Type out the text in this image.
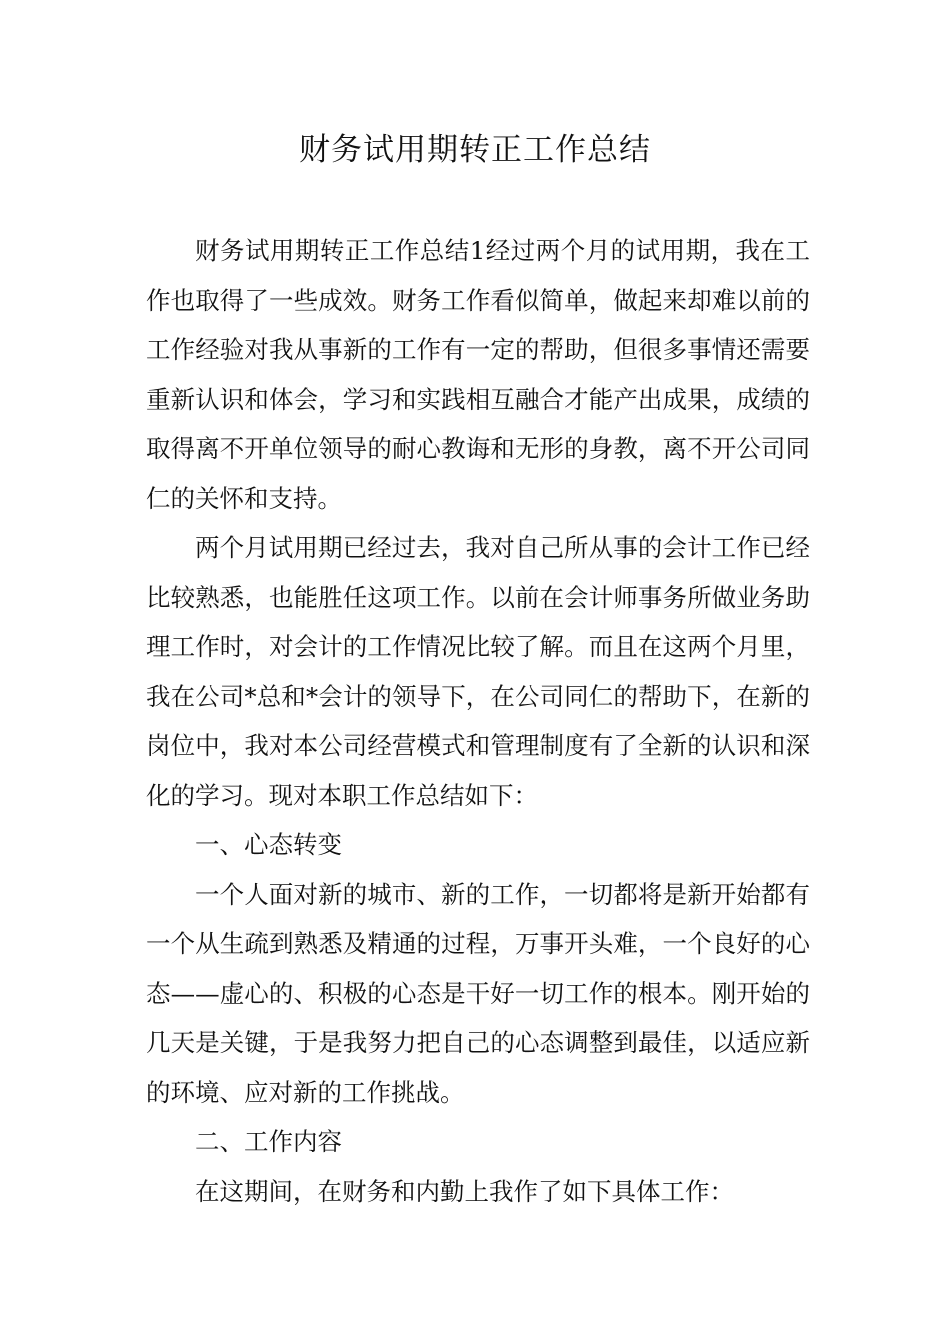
财务试用期转正工作总结

财务试用期转正工作总结1经过两个月的试用期，我在工作也取得了一些成效。财务工作看似简单，做起来却难以前的工作经验对我从事新的工作有一定的帮助，但很多事情还需要重新认识和体会，学习和实践相互融合才能产出成果，成绩的取得离不开单位领导的耐心教诲和无形的身教，离不开公司同仁的关怀和支持。

两个月试用期已经过去，我对自己所从事的会计工作已经比较熟悉，也能胜任这项工作。以前在会计师事务所做业务助理工作时，对会计的工作情况比较了解。而且在这两个月里，我在公司*总和*会计的领导下，在公司同仁的帮助下，在新的岗位中，我对本公司经营模式和管理制度有了全新的认识和深化的学习。现对本职工作总结如下：

一、心态转变

一个人面对新的城市、新的工作，一切都将是新开始都有一个从生疏到熟悉及精通的过程，万事开头难，一个良好的心态——虚心的、积极的心态是干好一切工作的根本。刚开始的几天是关键，于是我努力把自己的心态调整到最佳，以适应新的环境、应对新的工作挑战。

二、工作内容

在这期间，在财务和内勤上我作了如下具体工作：
